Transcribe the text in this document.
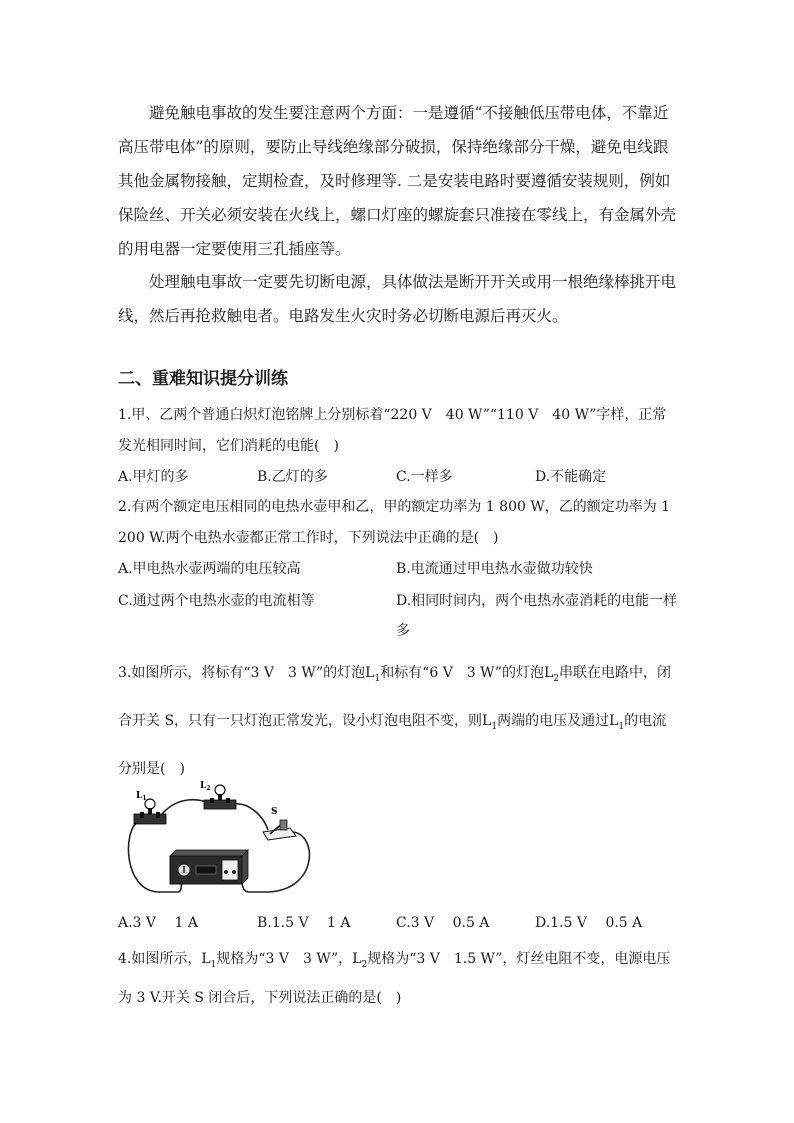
避免触电事故的发生要注意两个方面：一是遵循“不接触低压带电体，不靠近高压带电体”的原则，要防止导线绝缘部分破损，保持绝缘部分干燥，避免电线跟其他金属物接触，定期检查，及时修理等. 二是安装电路时要遵循安装规则，例如保险丝、开关必须安装在火线上，螺口灯座的螺旋套只准接在零线上，有金属外壳的用电器一定要使用三孔插座等。

处理触电事故一定要先切断电源，具体做法是断开开关或用一根绝缘棒挑开电线，然后再抢救触电者。电路发生火灾时务必切断电源后再灭火。

二、重难知识提分训练

1.甲、乙两个普通白炽灯泡铭牌上分别标着“220 V　40 W”“110 V　40 W”字样，正常发光相同时间，它们消耗的电能(　)

A.甲灯的多	B.乙灯的多	C.一样多	D.不能确定

2.有两个额定电压相同的电热水壶甲和乙，甲的额定功率为 1 800 W，乙的额定功率为 1 200 W.两个电热水壶都正常工作时，下列说法中正确的是(　)

A.甲电热水壶两端的电压较高	B.电流通过甲电热水壶做功较快
C.通过两个电热水壶的电流相等	D.相同时间内，两个电热水壶消耗的电能一样多

3.如图所示，将标有“3 V　3 W”的灯泡$L_1$和标有“6 V　3 W”的灯泡$L_2$串联在电路中，闭合开关 S，只有一只灯泡正常发光，设小灯泡电阻不变，则$L_1$两端的电压及通过$L_1$的电流分别是(　)

$L_1$
$L_2$
S
A.3 V　 1 A	B.1.5 V　 1 A	C.3 V　 0.5 A	D.1.5 V　 0.5 A

4.如图所示，$L_1$规格为“3 V　3 W”，$L_2$规格为“3 V　1.5 W”，灯丝电阻不变，电源电压为 3 V.开关 S 闭合后，下列说法正确的是(　)
